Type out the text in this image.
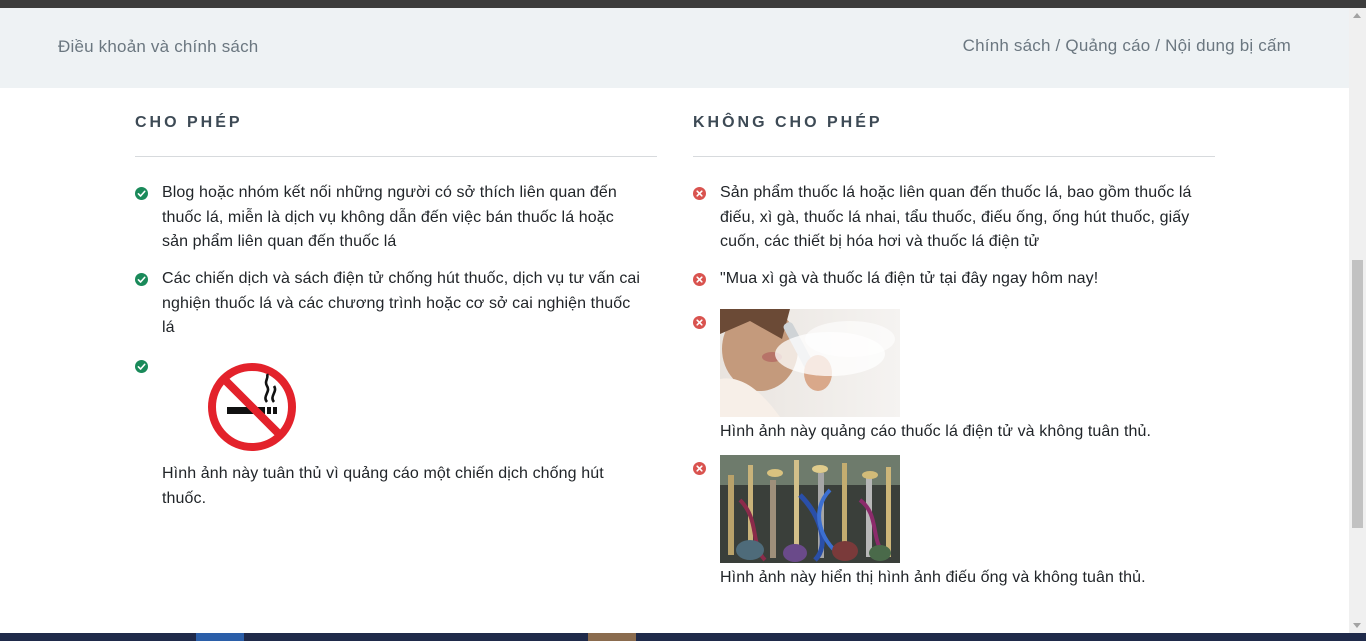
Điều khoản và chính sách	Chính sách / Quảng cáo / Nội dung bị cấm
CHO PHÉP
Blog hoặc nhóm kết nối những người có sở thích liên quan đến thuốc lá, miễn là dịch vụ không dẫn đến việc bán thuốc lá hoặc sản phẩm liên quan đến thuốc lá
Các chiến dịch và sách điện tử chống hút thuốc, dịch vụ tư vấn cai nghiện thuốc lá và các chương trình hoặc cơ sở cai nghiện thuốc lá
Hình ảnh này tuân thủ vì quảng cáo một chiến dịch chống hút thuốc.
KHÔNG CHO PHÉP
Sản phẩm thuốc lá hoặc liên quan đến thuốc lá, bao gồm thuốc lá điếu, xì gà, thuốc lá nhai, tẩu thuốc, điếu ống, ống hút thuốc, giấy cuốn, các thiết bị hóa hơi và thuốc lá điện tử
"Mua xì gà và thuốc lá điện tử tại đây ngay hôm nay!
Hình ảnh này quảng cáo thuốc lá điện tử và không tuân thủ.
Hình ảnh này hiển thị hình ảnh điếu ống và không tuân thủ.
